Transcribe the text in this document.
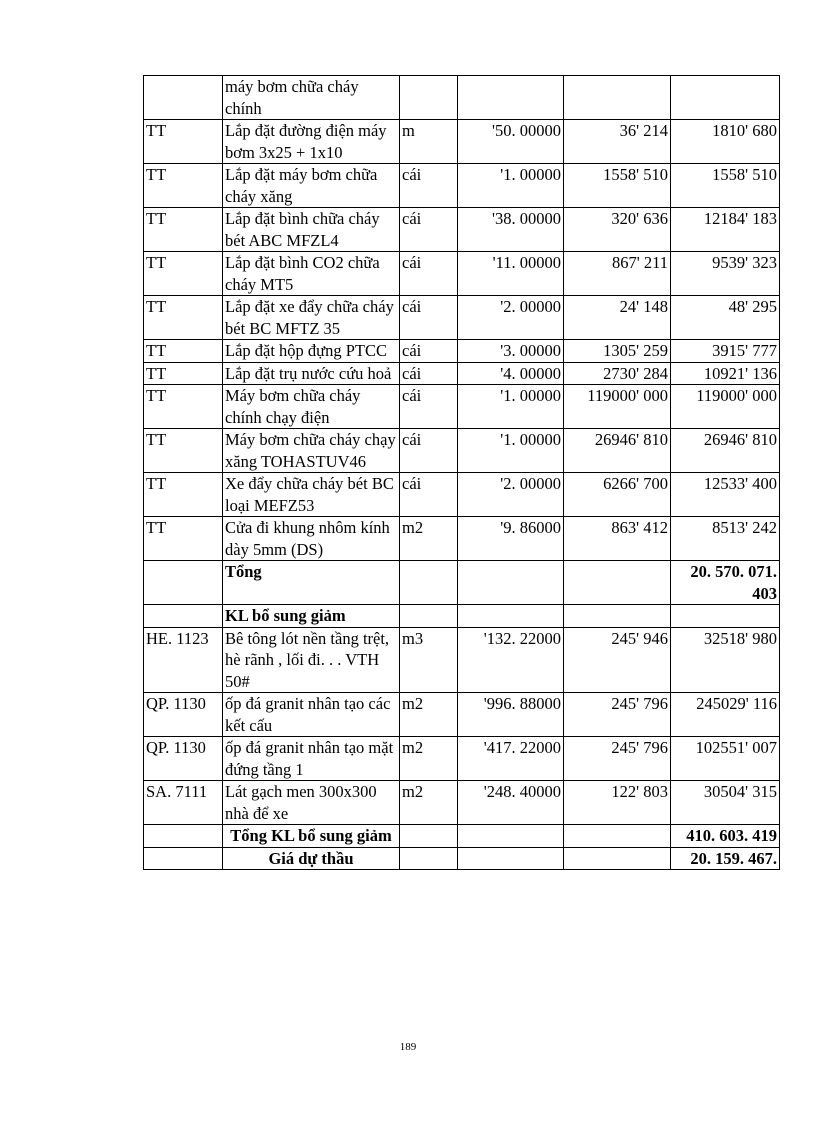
	máy bơm chữa cháy chính				
TT	Lắp đặt đường điện máy bơm 3x25 + 1x10	m	'50. 00000	36' 214	1810' 680
TT	Lắp đặt máy bơm chữa cháy xăng	cái	'1. 00000	1558' 510	1558' 510
TT	Lắp đặt bình chữa cháy bét ABC MFZL4	cái	'38. 00000	320' 636	12184' 183
TT	Lắp đặt bình CO2 chữa cháy MT5	cái	'11. 00000	867' 211	9539' 323
TT	Lắp đặt xe đẩy chữa cháy bét BC MFTZ 35	cái	'2. 00000	24' 148	48' 295
TT	Lắp đặt hộp đựng PTCC	cái	'3. 00000	1305' 259	3915' 777
TT	Lắp đặt trụ nước cứu hoả	cái	'4. 00000	2730' 284	10921' 136
TT	Máy bơm chữa cháy chính chạy điện	cái	'1. 00000	119000' 000	119000' 000
TT	Máy bơm chữa cháy chạy xăng TOHASTUV46	cái	'1. 00000	26946' 810	26946' 810
TT	Xe đẩy chữa cháy bét BC loại MEFZ53	cái	'2. 00000	6266' 700	12533' 400
TT	Cửa đi khung nhôm kính dày 5mm (DS)	m2	'9. 86000	863' 412	8513' 242
	Tổng				20. 570. 071. 403
	KL bổ sung giảm				
HE. 1123	Bê tông lót nền tầng trệt, hè rãnh , lối đi. . . VTH 50#	m3	'132. 22000	245' 946	32518' 980
QP. 1130	ốp đá granit nhân tạo các kết cấu	m2	'996. 88000	245' 796	245029' 116
QP. 1130	ốp đá granit nhân tạo mặt đứng tầng 1	m2	'417. 22000	245' 796	102551' 007
SA. 7111	Lát gạch men 300x300 nhà để xe	m2	'248. 40000	122' 803	30504' 315
	Tổng KL bổ sung giảm				410. 603. 419
	Giá dự thầu				20. 159. 467.
189
